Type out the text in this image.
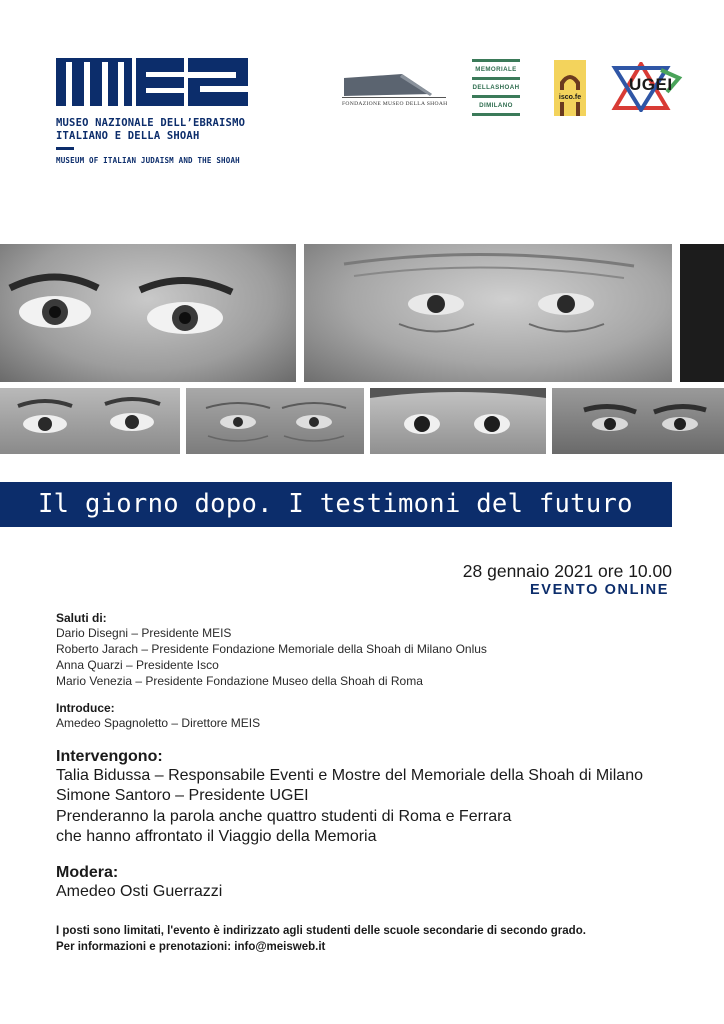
MUSEO NAZIONALE DELL’EBRAISMO
ITALIANO E DELLA SHOAH
MUSEUM OF ITALIAN JUDAISM AND THE SHOAH
FONDAZIONE MUSEO DELLA SHOAH
MEMORIALE
DELLASHOAH
DIMILANO
isco.fe
UGEI
Il giorno dopo. I testimoni del futuro
28 gennaio 2021 ore 10.00
EVENTO ONLINE
Saluti di:
Dario Disegni – Presidente MEIS
Roberto Jarach – Presidente Fondazione Memoriale della Shoah di Milano Onlus
Anna Quarzi – Presidente Isco
Mario Venezia – Presidente Fondazione Museo della Shoah di Roma
Introduce:
Amedeo Spagnoletto – Direttore MEIS
Intervengono:
Talia Bidussa – Responsabile Eventi e Mostre del Memoriale della Shoah di Milano
Simone Santoro – Presidente UGEI
Prenderanno la parola anche quattro studenti di Roma e Ferrara
che hanno affrontato il Viaggio della Memoria
Modera:
Amedeo Osti Guerrazzi
I posti sono limitati, l'evento è indirizzato agli studenti delle scuole secondarie di secondo grado.
Per informazioni e prenotazioni: info@meisweb.it
